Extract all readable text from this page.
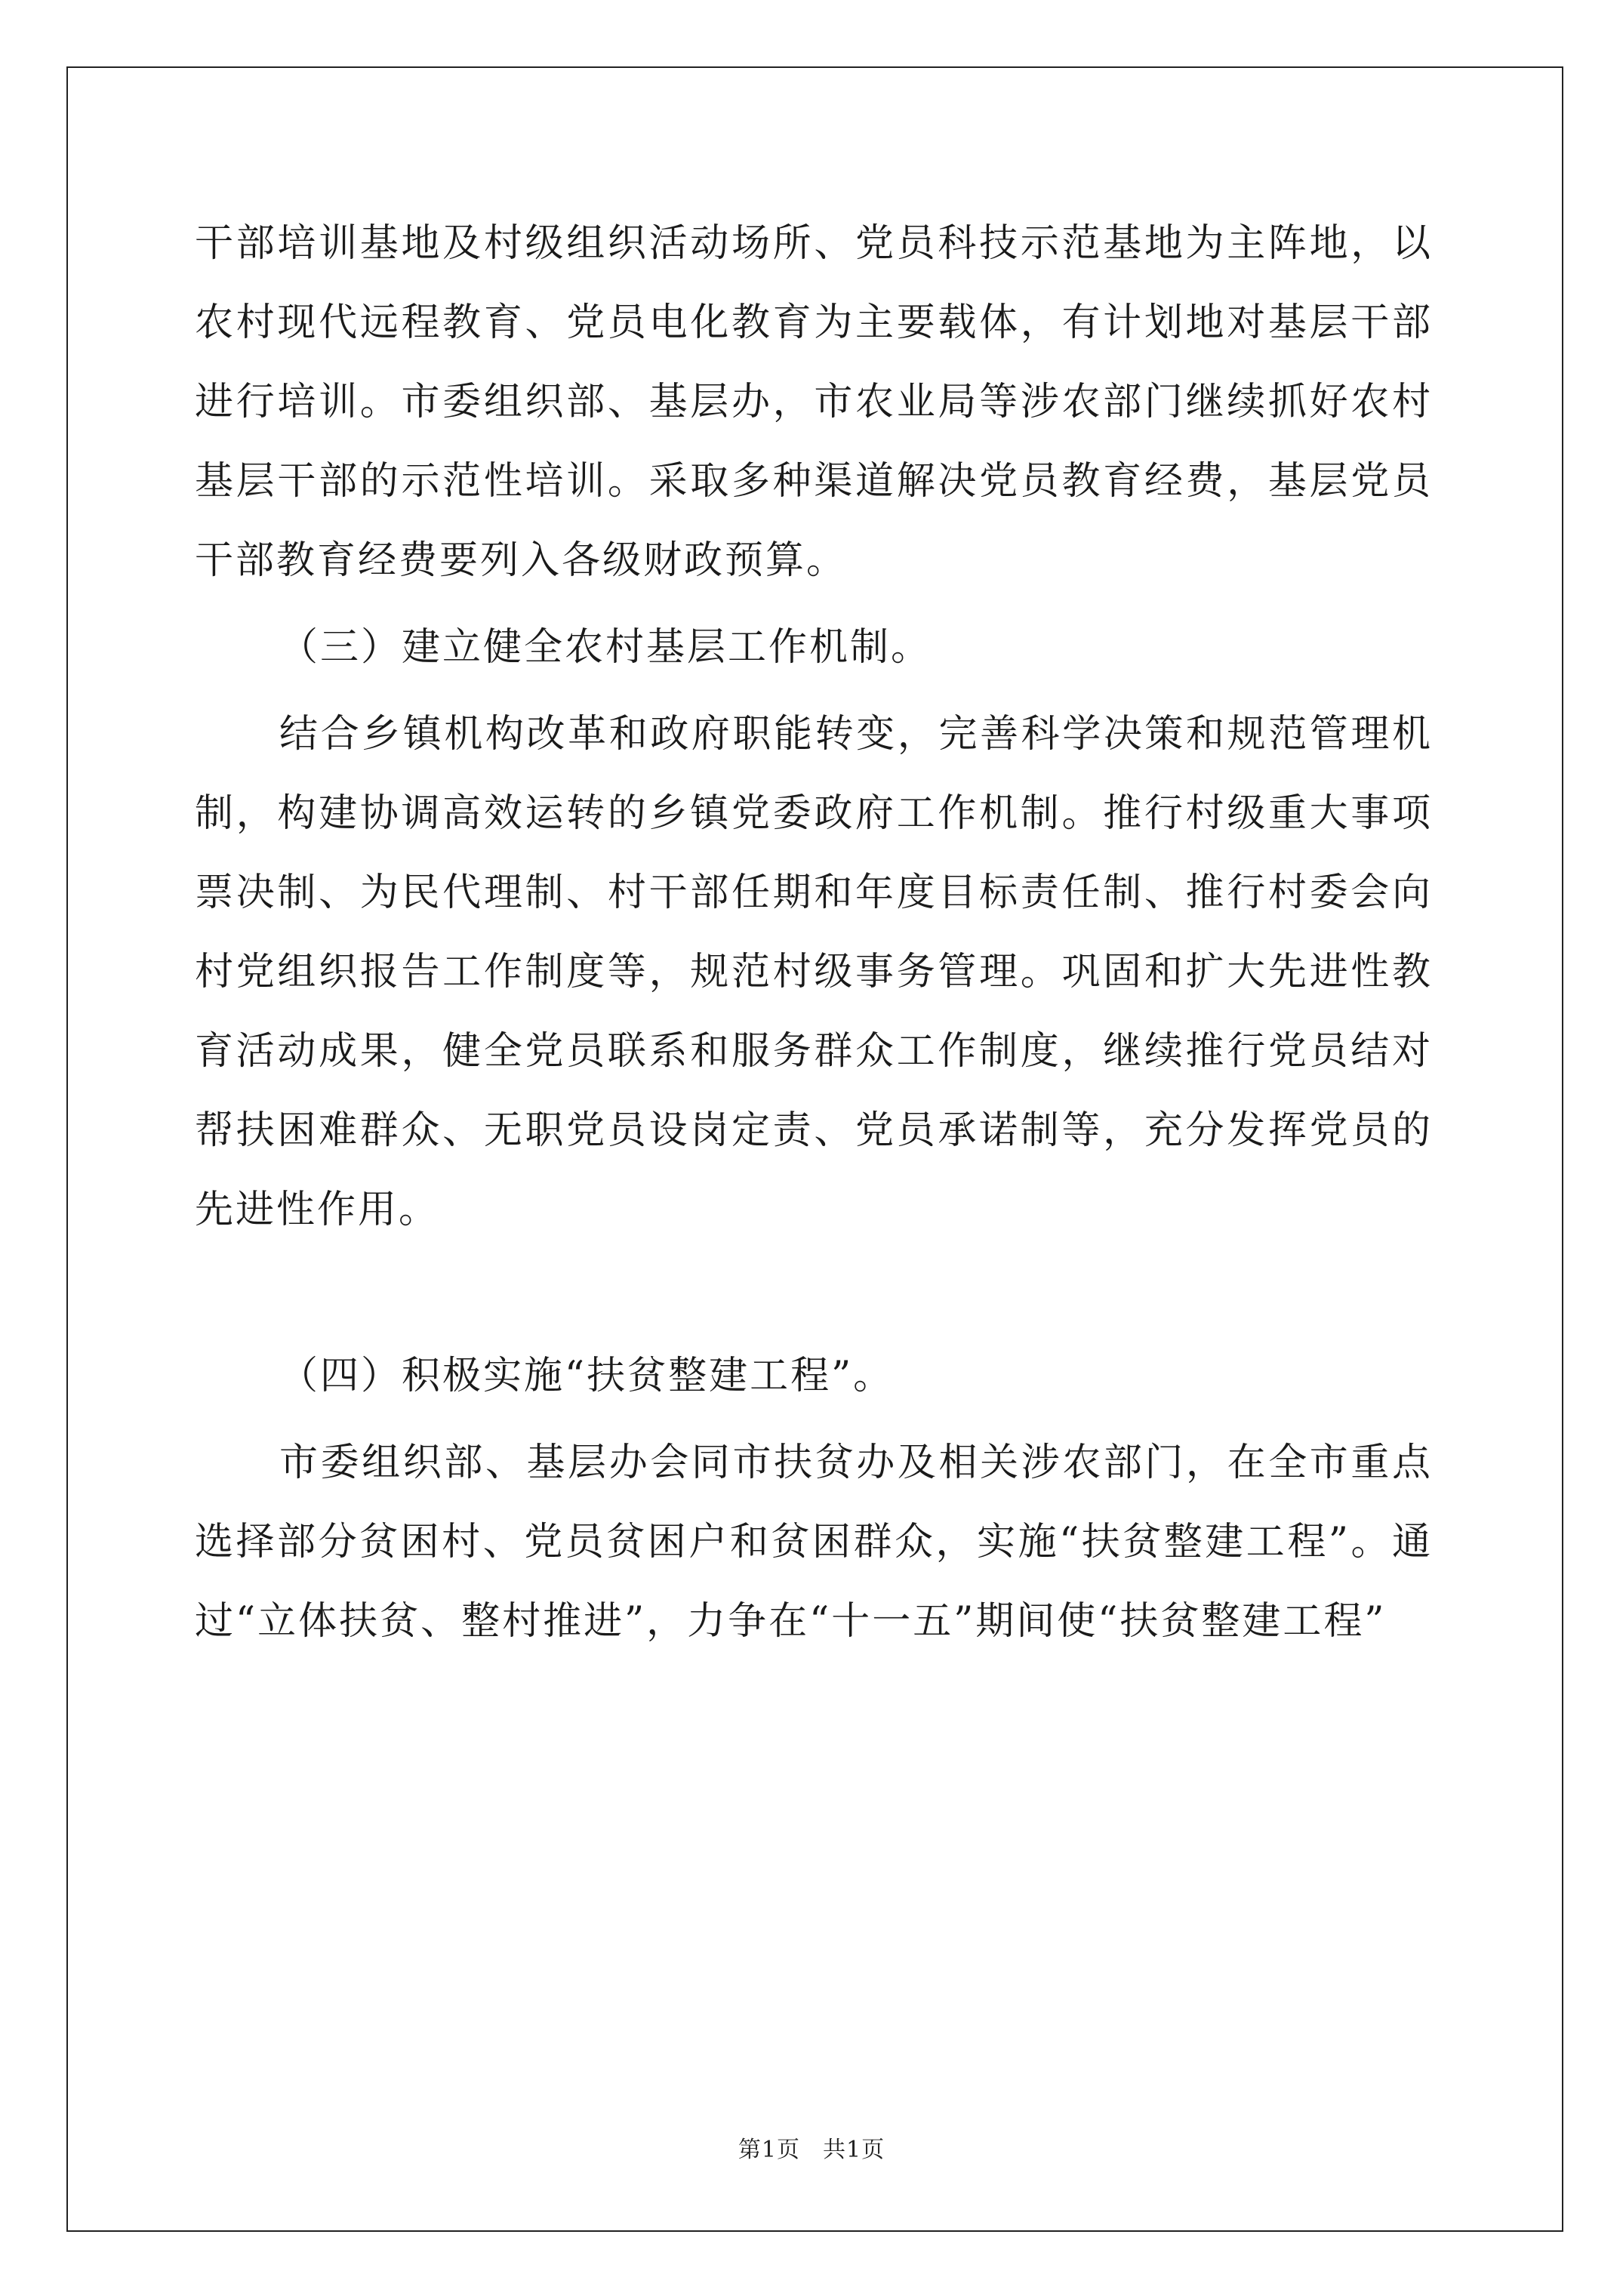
干部培训基地及村级组织活动场所、党员科技示范基地为主阵地，以农村现代远程教育、党员电化教育为主要载体，有计划地对基层干部进行培训。市委组织部、基层办，市农业局等涉农部门继续抓好农村基层干部的示范性培训。采取多种渠道解决党员教育经费，基层党员干部教育经费要列入各级财政预算。

（三）建立健全农村基层工作机制。

结合乡镇机构改革和政府职能转变，完善科学决策和规范管理机制，构建协调高效运转的乡镇党委政府工作机制。推行村级重大事项票决制、为民代理制、村干部任期和年度目标责任制、推行村委会向村党组织报告工作制度等，规范村级事务管理。巩固和扩大先进性教育活动成果，健全党员联系和服务群众工作制度，继续推行党员结对帮扶困难群众、无职党员设岗定责、党员承诺制等，充分发挥党员的先进性作用。

（四）积极实施“扶贫整建工程”。

市委组织部、基层办会同市扶贫办及相关涉农部门，在全市重点选择部分贫困村、党员贫困户和贫困群众，实施“扶贫整建工程”。通过“立体扶贫、整村推进”，力争在“十一五”期间使“扶贫整建工程”

第1页 共1页
